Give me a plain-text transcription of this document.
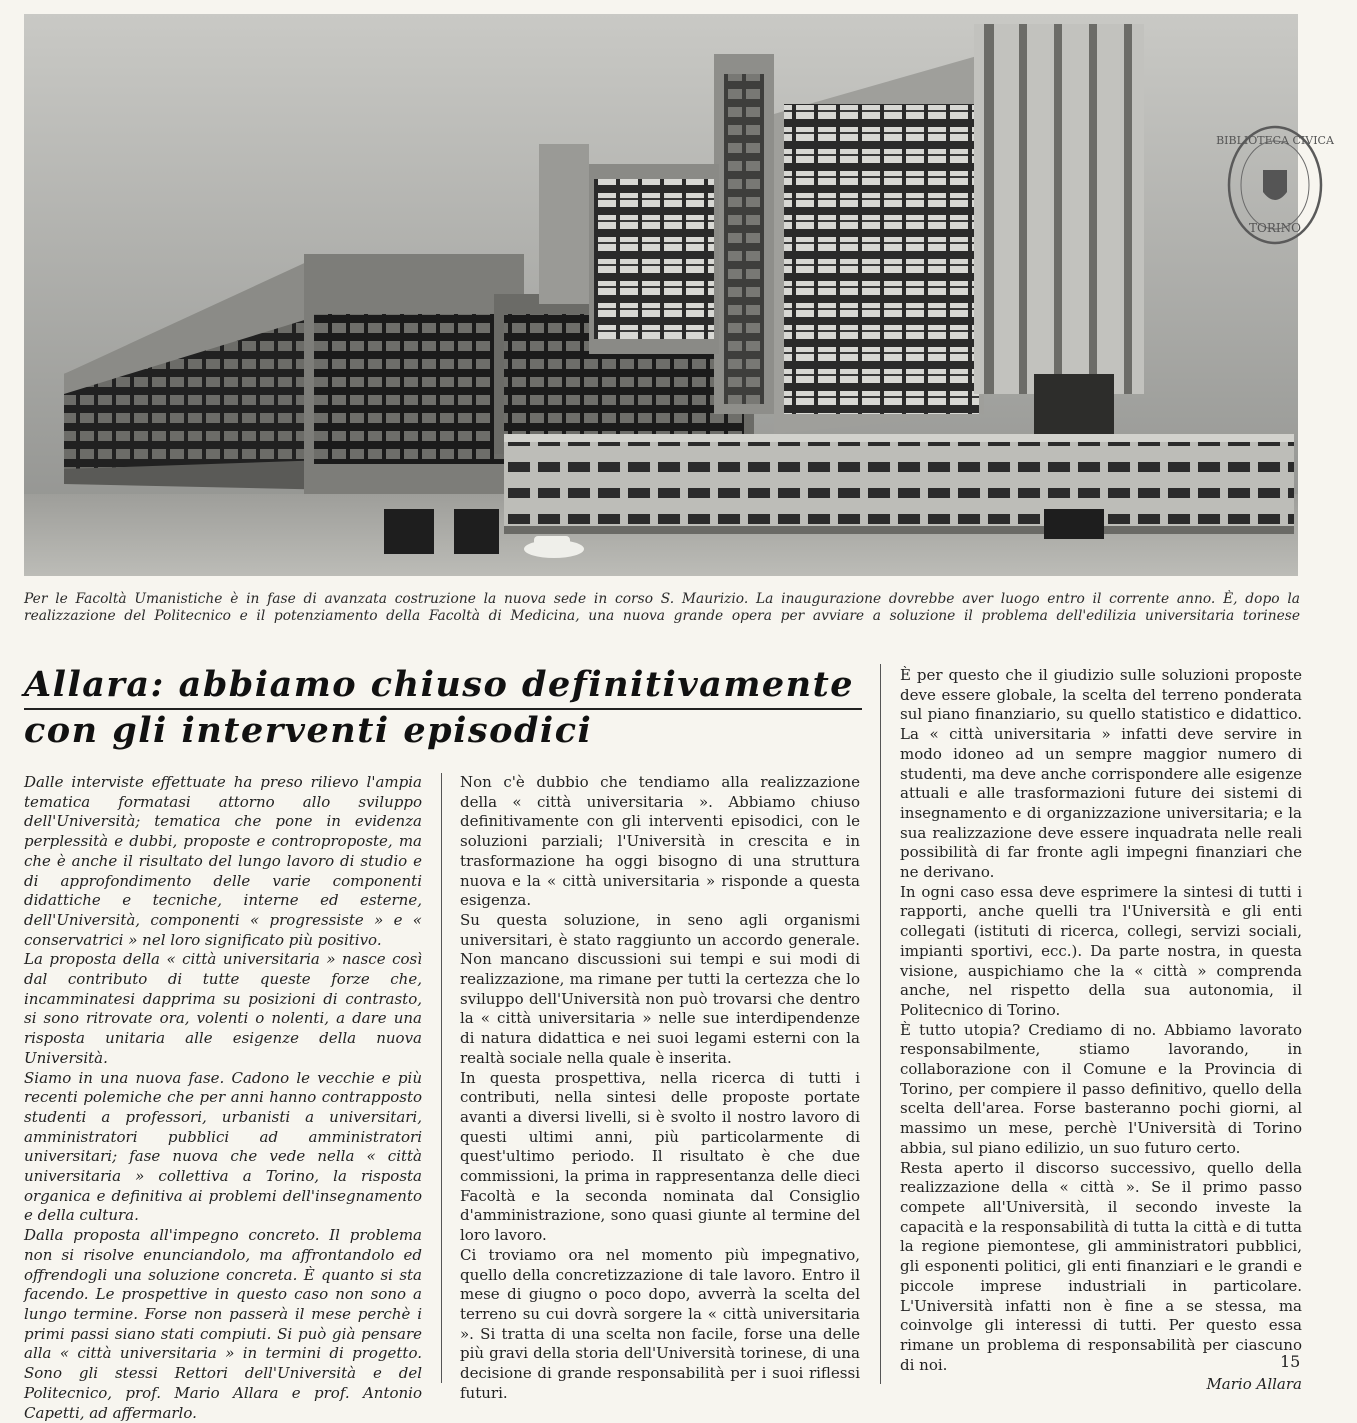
BIBLIOTECA CIVICA
TORINO

Per le Facoltà Umanistiche è in fase di avanzata costruzione la nuova sede in corso S. Maurizio. La inaugurazione dovrebbe aver luogo entro il corrente anno. È, dopo la

realizzazione del Politecnico e il potenziamento della Facoltà di Medicina, una nuova grande opera per avviare a soluzione il problema dell'edilizia universitaria torinese

Allara: abbiamo chiuso definitivamente
con gli interventi episodici

Dalle interviste effettuate ha preso rilievo l'ampia tematica formatasi attorno allo sviluppo dell'Università; tematica che pone in evidenza perplessità e dubbi, proposte e controproposte, ma che è anche il risultato del lungo lavoro di studio e di approfondimento delle varie componenti didattiche e tecniche, interne ed esterne, dell'Università, componenti « progressiste » e « conservatrici » nel loro significato più positivo.

La proposta della « città universitaria » nasce così dal contributo di tutte queste forze che, incamminatesi dapprima su posizioni di contrasto, si sono ritrovate ora, volenti o nolenti, a dare una risposta unitaria alle esigenze della nuova Università.

Siamo in una nuova fase. Cadono le vecchie e più recenti polemiche che per anni hanno contrapposto studenti a professori, urbanisti a universitari, amministratori pubblici ad amministratori universitari; fase nuova che vede nella « città universitaria » collettiva a Torino, la risposta organica e definitiva ai problemi dell'insegnamento e della cultura.

Dalla proposta all'impegno concreto. Il problema non si risolve enunciandolo, ma affrontandolo ed offrendogli una soluzione concreta. È quanto si sta facendo. Le prospettive in questo caso non sono a lungo termine. Forse non passerà il mese perchè i primi passi siano stati compiuti. Si può già pensare alla « città universitaria » in termini di progetto. Sono gli stessi Rettori dell'Università e del Politecnico, prof. Mario Allara e prof. Antonio Capetti, ad affermarlo.

Non c'è dubbio che tendiamo alla realizzazione della « città universitaria ». Abbiamo chiuso definitivamente con gli interventi episodici, con le soluzioni parziali; l'Università in crescita e in trasformazione ha oggi bisogno di una struttura nuova e la « città universitaria » risponde a questa esigenza.

Su questa soluzione, in seno agli organismi universitari, è stato raggiunto un accordo generale. Non mancano discussioni sui tempi e sui modi di realizzazione, ma rimane per tutti la certezza che lo sviluppo dell'Università non può trovarsi che dentro la « città universitaria » nelle sue interdipendenze di natura didattica e nei suoi legami esterni con la realtà sociale nella quale è inserita.

In questa prospettiva, nella ricerca di tutti i contributi, nella sintesi delle proposte portate avanti a diversi livelli, si è svolto il nostro lavoro di questi ultimi anni, più particolarmente di quest'ultimo periodo. Il risultato è che due commissioni, la prima in rappresentanza delle dieci Facoltà e la seconda nominata dal Consiglio d'amministrazione, sono quasi giunte al termine del loro lavoro.

Ci troviamo ora nel momento più impegnativo, quello della concretizzazione di tale lavoro. Entro il mese di giugno o poco dopo, avverrà la scelta del terreno su cui dovrà sorgere la « città universitaria ». Si tratta di una scelta non facile, forse una delle più gravi della storia dell'Università torinese, di una decisione di grande responsabilità per i suoi riflessi futuri.

È per questo che il giudizio sulle soluzioni proposte deve essere globale, la scelta del terreno ponderata sul piano finanziario, su quello statistico e didattico. La « città universitaria » infatti deve servire in modo idoneo ad un sempre maggior numero di studenti, ma deve anche corrispondere alle esigenze attuali e alle trasformazioni future dei sistemi di insegnamento e di organizzazione universitaria; e la sua realizzazione deve essere inquadrata nelle reali possibilità di far fronte agli impegni finanziari che ne derivano.

In ogni caso essa deve esprimere la sintesi di tutti i rapporti, anche quelli tra l'Università e gli enti collegati (istituti di ricerca, collegi, servizi sociali, impianti sportivi, ecc.). Da parte nostra, in questa visione, auspichiamo che la « città » comprenda anche, nel rispetto della sua autonomia, il Politecnico di Torino.

È tutto utopia? Crediamo di no. Abbiamo lavorato responsabilmente, stiamo lavorando, in collaborazione con il Comune e la Provincia di Torino, per compiere il passo definitivo, quello della scelta dell'area. Forse basteranno pochi giorni, al massimo un mese, perchè l'Università di Torino abbia, sul piano edilizio, un suo futuro certo.

Resta aperto il discorso successivo, quello della realizzazione della « città ». Se il primo passo compete all'Università, il secondo investe la capacità e la responsabilità di tutta la città e di tutta la regione piemontese, gli amministratori pubblici, gli esponenti politici, gli enti finanziari e le grandi e piccole imprese industriali in particolare. L'Università infatti non è fine a se stessa, ma coinvolge gli interessi di tutti. Per questo essa rimane un problema di responsabilità per ciascuno di noi.

Mario Allara

15
